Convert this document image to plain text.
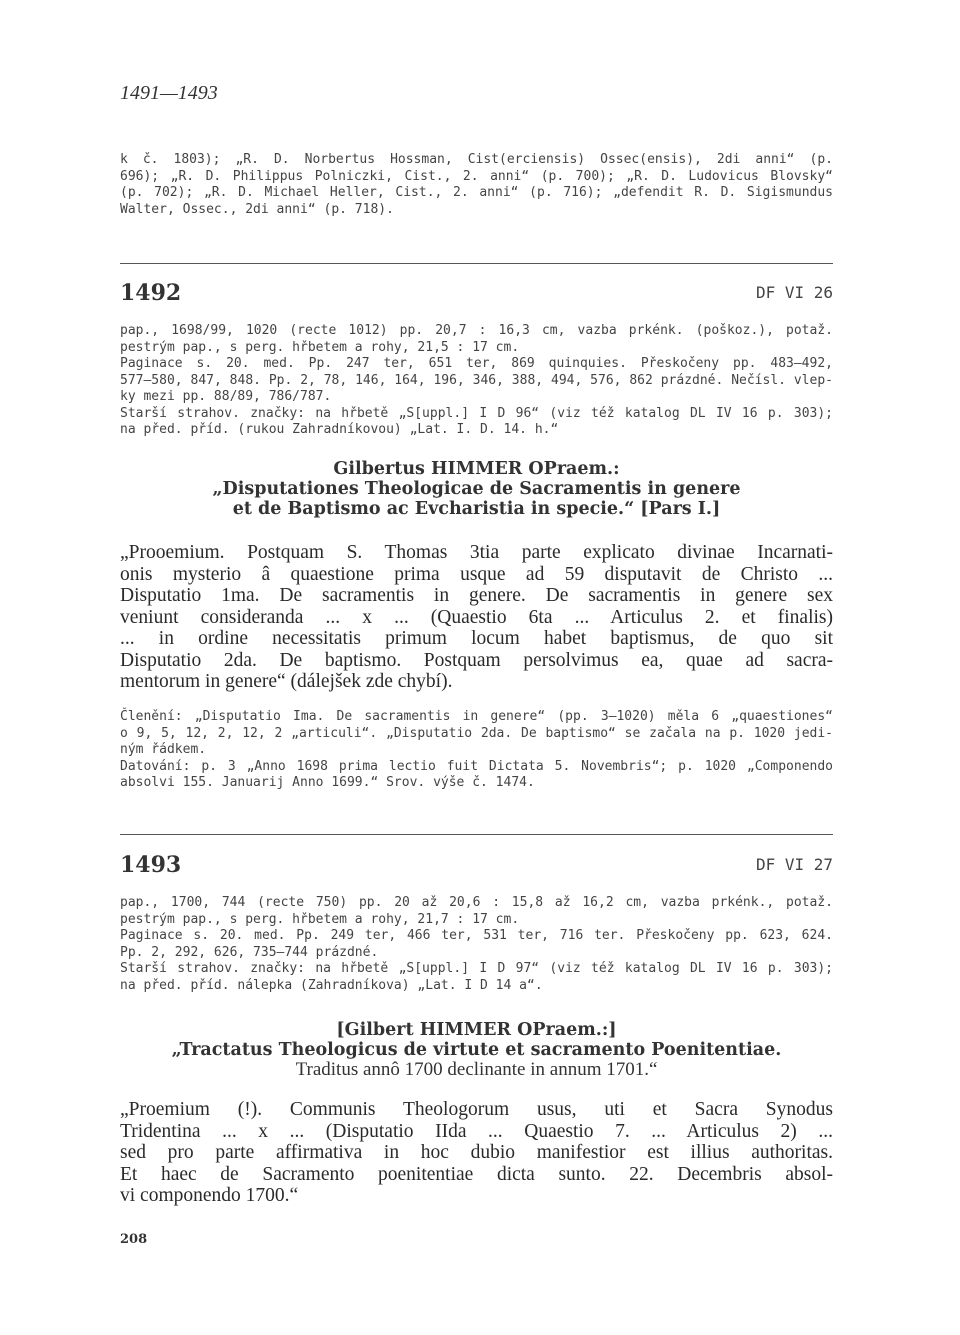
1491—1493
k č. 1803); „R. D. Norbertus Hossman, Cist(erciensis) Ossec(ensis), 2di anni“ (p.
696); „R. D. Philippus Polniczki, Cist., 2. anni“ (p. 700); „R. D. Ludovicus Blovsky“
(p. 702); „R. D. Michael Heller, Cist., 2. anni“ (p. 716); „defendit R. D. Sigismundus
Walter, Ossec., 2di anni“ (p. 718).
1492	DF VI 26
pap., 1698/99, 1020 (recte 1012) pp. 20,7 : 16,3 cm, vazba prkénk. (poškoz.), potaž.
pestrým pap., s perg. hřbetem a rohy, 21,5 : 17 cm.
Paginace s. 20. med. Pp. 247 ter, 651 ter, 869 quinquies. Přeskočeny pp. 483—492,
577—580, 847, 848. Pp. 2, 78, 146, 164, 196, 346, 388, 494, 576, 862 prázdné. Nečísl. vlep-
ky mezi pp. 88/89, 786/787.
Starší strahov. značky: na hřbetě „S[uppl.] I D 96“ (viz též katalog DL IV 16 p. 303);
na před. příd. (rukou Zahradníkovou) „Lat. I. D. 14. h.“
Gilbertus HIMMER OPraem.:
„Disputationes Theologicae de Sacramentis in genere
et de Baptismo ac Evcharistia in specie.“ [Pars I.]
„Prooemium. Postquam S. Thomas 3tia parte explicato divinae Incarnati-
onis mysterio â quaestione prima usque ad 59 disputavit de Christo ...
Disputatio 1ma. De sacramentis in genere. De sacramentis in genere sex
veniunt consideranda ... x ... (Quaestio 6ta ... Articulus 2. et finalis)
... in ordine necessitatis primum locum habet baptismus, de quo sit
Disputatio 2da. De baptismo. Postquam persolvimus ea, quae ad sacra-
mentorum in genere“ (dálejšek zde chybí).
Členění: „Disputatio Ima. De sacramentis in genere“ (pp. 3—1020) měla 6 „quaestiones“
o 9, 5, 12, 2, 12, 2 „articuli“. „Disputatio 2da. De baptismo“ se začala na p. 1020 jedi-
ným řádkem.
Datování: p. 3 „Anno 1698 prima lectio fuit Dictata 5. Novembris“; p. 1020 „Componendo
absolvi 155. Januarij Anno 1699.“ Srov. výše č. 1474.
1493	DF VI 27
pap., 1700, 744 (recte 750) pp. 20 až 20,6 : 15,8 až 16,2 cm, vazba prkénk., potaž.
pestrým pap., s perg. hřbetem a rohy, 21,7 : 17 cm.
Paginace s. 20. med. Pp. 249 ter, 466 ter, 531 ter, 716 ter. Přeskočeny pp. 623, 624.
Pp. 2, 292, 626, 735—744 prázdné.
Starší strahov. značky: na hřbetě „S[uppl.] I D 97“ (viz též katalog DL IV 16 p. 303);
na před. příd. nálepka (Zahradníkova) „Lat. I D 14 a“.
[Gilbert HIMMER OPraem.:]
„Tractatus Theologicus de virtute et sacramento Poenitentiae.
Traditus annô 1700 declinante in annum 1701.“
„Proemium (!). Communis Theologorum usus, uti et Sacra Synodus
Tridentina ... x ... (Disputatio IIda ... Quaestio 7. ... Articulus 2) ...
sed pro parte affirmativa in hoc dubio manifestior est illius authoritas.
Et haec de Sacramento poenitentiae dicta sunto. 22. Decembris absol-
vi componendo 1700.“
208
